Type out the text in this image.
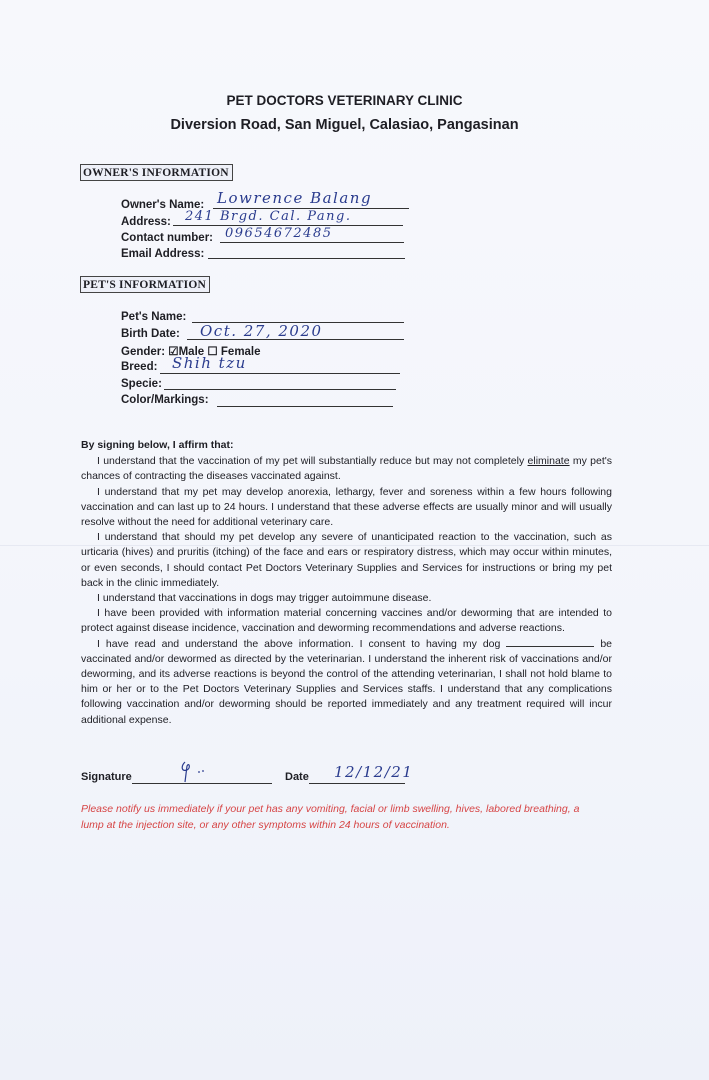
PET DOCTORS VETERINARY CLINIC
Diversion Road, San Miguel, Calasiao, Pangasinan
OWNER'S INFORMATION
Owner's Name: Lowrence Balang
Address: 241 Brgd. Cal. Pang.
Contact number: 09654672485
Email Address:
PET'S INFORMATION
Pet's Name:
Birth Date: Oct. 27, 2020
Gender: ☑Male ☐ Female
Breed: Shih tzu
Specie:
Color/Markings:

By signing below, I affirm that:

I understand that the vaccination of my pet will substantially reduce but may not completely eliminate my pet's chances of contracting the diseases vaccinated against.

I understand that my pet may develop anorexia, lethargy, fever and soreness within a few hours following vaccination and can last up to 24 hours. I understand that these adverse effects are usually minor and will usually resolve without the need for additional veterinary care.

I understand that should my pet develop any severe of unanticipated reaction to the vaccination, such as urticaria (hives) and pruritis (itching) of the face and ears or respiratory distress, which may occur within minutes, or even seconds, I should contact Pet Doctors Veterinary Supplies and Services for instructions or bring my pet back in the clinic immediately.

I understand that vaccinations in dogs may trigger autoimmune disease.

I have been provided with information material concerning vaccines and/or deworming that are intended to protect against disease incidence, vaccination and deworming recommendations and adverse reactions.

I have read and understand the above information. I consent to having my dog	be vaccinated and/or dewormed as directed by the veterinarian. I understand the inherent risk of vaccinations and/or deworming, and its adverse reactions is beyond the control of the attending veterinarian, I shall not hold blame to him or her or to the Pet Doctors Veterinary Supplies and Services staffs. I understand that any complications following vaccination and/or deworming should be reported immediately and any treatment required will incur additional expense.

Signature	Date 12/12/21
Please notify us immediately if your pet has any vomiting, facial or limb swelling, hives, labored breathing, a lump at the injection site, or any other symptoms within 24 hours of vaccination.
